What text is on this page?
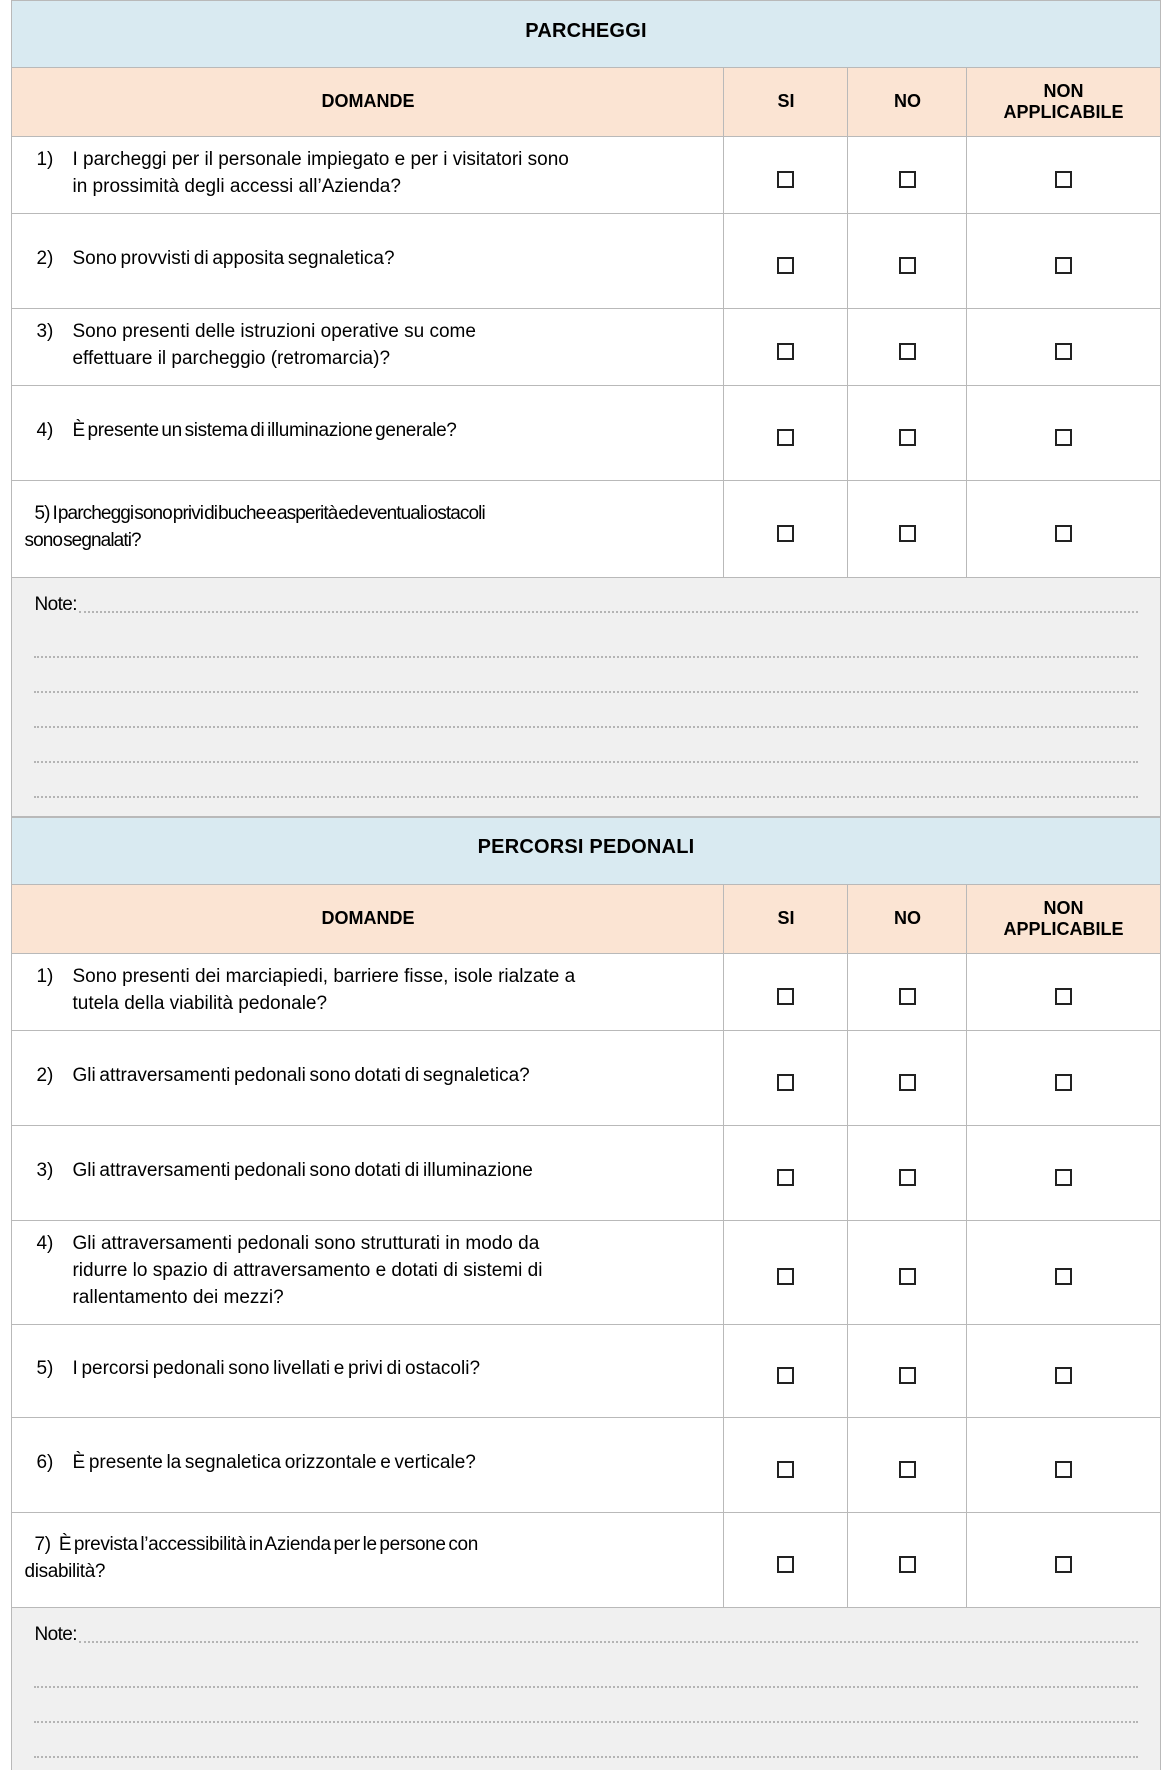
PARCHEGGI			
DOMANDE	SI	NO	NON
APPLICABILE

1) I parcheggi per il personale impiegato e per i visitatori sono
in prossimità degli accessi all’Azienda?			

2) Sono provvisti di apposita segnaletica?			

3) Sono presenti delle istruzioni operative su come
effettuare il parcheggio (retromarcia)?			

4) È presente un sistema di illuminazione generale?			

5) I parcheggi sono privi di buche e asperità ed eventuali ostacoli
sono segnalati?			

Note:			
PERCORSI PEDONALI			
DOMANDE	SI	NO	NON
APPLICABILE

1) Sono presenti dei marciapiedi, barriere fisse, isole rialzate a
tutela della viabilità pedonale?			

2) Gli attraversamenti pedonali sono dotati di segnaletica?			

3) Gli attraversamenti pedonali sono dotati di illuminazione			

4) Gli attraversamenti pedonali sono strutturati in modo da
ridurre lo spazio di attraversamento e dotati di sistemi di
rallentamento dei mezzi?			

5) I percorsi pedonali sono livellati e privi di ostacoli?			

6) È presente la segnaletica orizzontale e verticale?			

7) È prevista l’accessibilità in Azienda per le persone con
disabilità?			

Note:			
